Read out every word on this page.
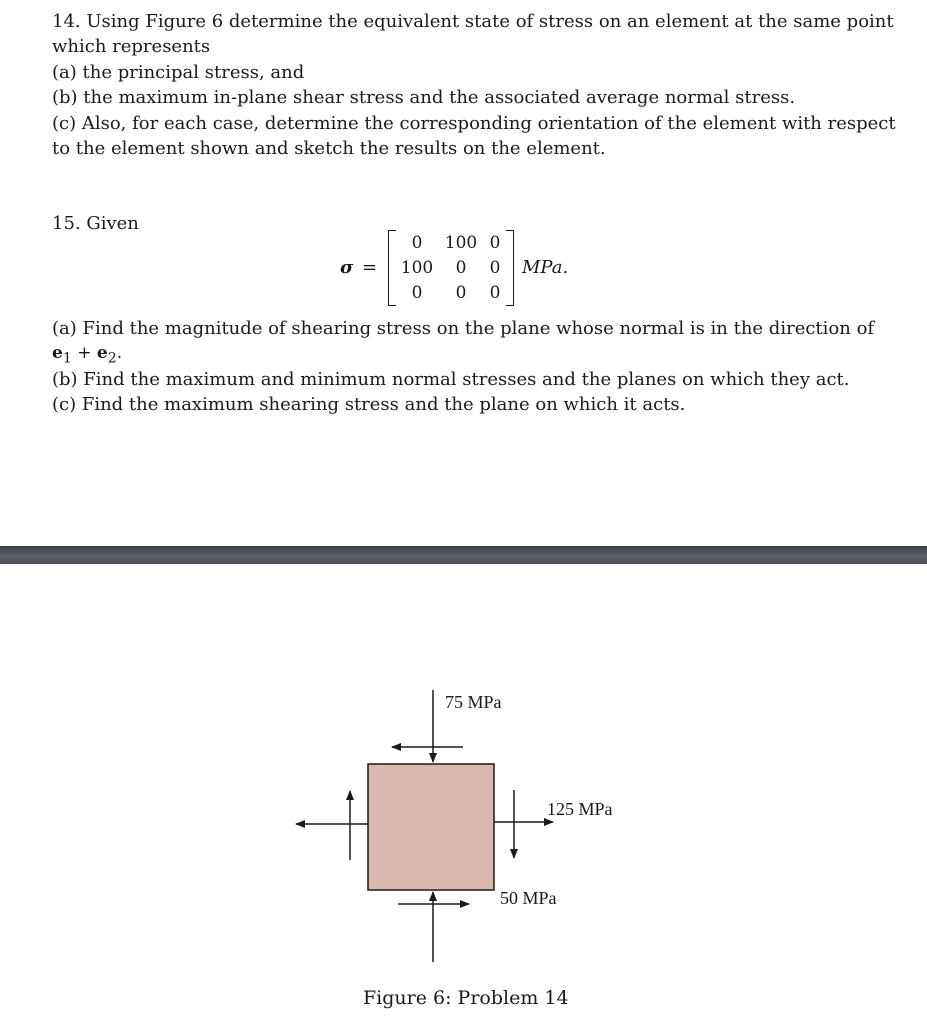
14. Using Figure 6 determine the equivalent state of stress on an element at the same point

which represents

(a) the principal stress, and

(b) the maximum in-plane shear stress and the associated average normal stress.

(c) Also, for each case, determine the corresponding orientation of the element with respect

to the element shown and sketch the results on the element.

15. Given

σ =
0	100 0
100	0	0
0	0	0
MPa.

(a) Find the magnitude of shearing stress on the plane whose normal is in the direction of

$e_1 + e_2$.

(b) Find the maximum and minimum normal stresses and the planes on which they act.

(c) Find the maximum shearing stress and the plane on which it acts.

75 MPa
125 MPa
50 MPa
Figure 6: Problem 14
